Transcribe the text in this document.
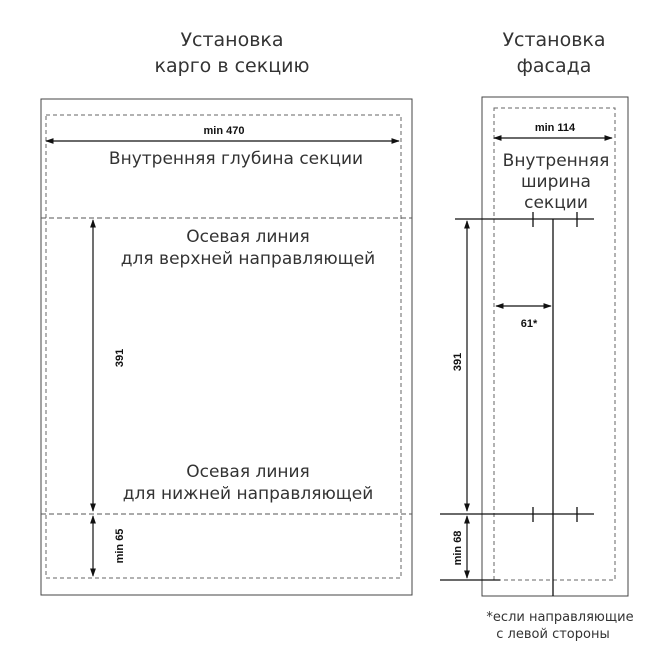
Установка
карго в секцию
min 470
Внутренняя глубина секции
Осевая линия
для верхней направляющей
391
Осевая линия
для нижней направляющей
min 65
Установка
фасада
min 114
Внутренняя
ширина
секции
391
61*
min 68
*если направляющие
с левой стороны
